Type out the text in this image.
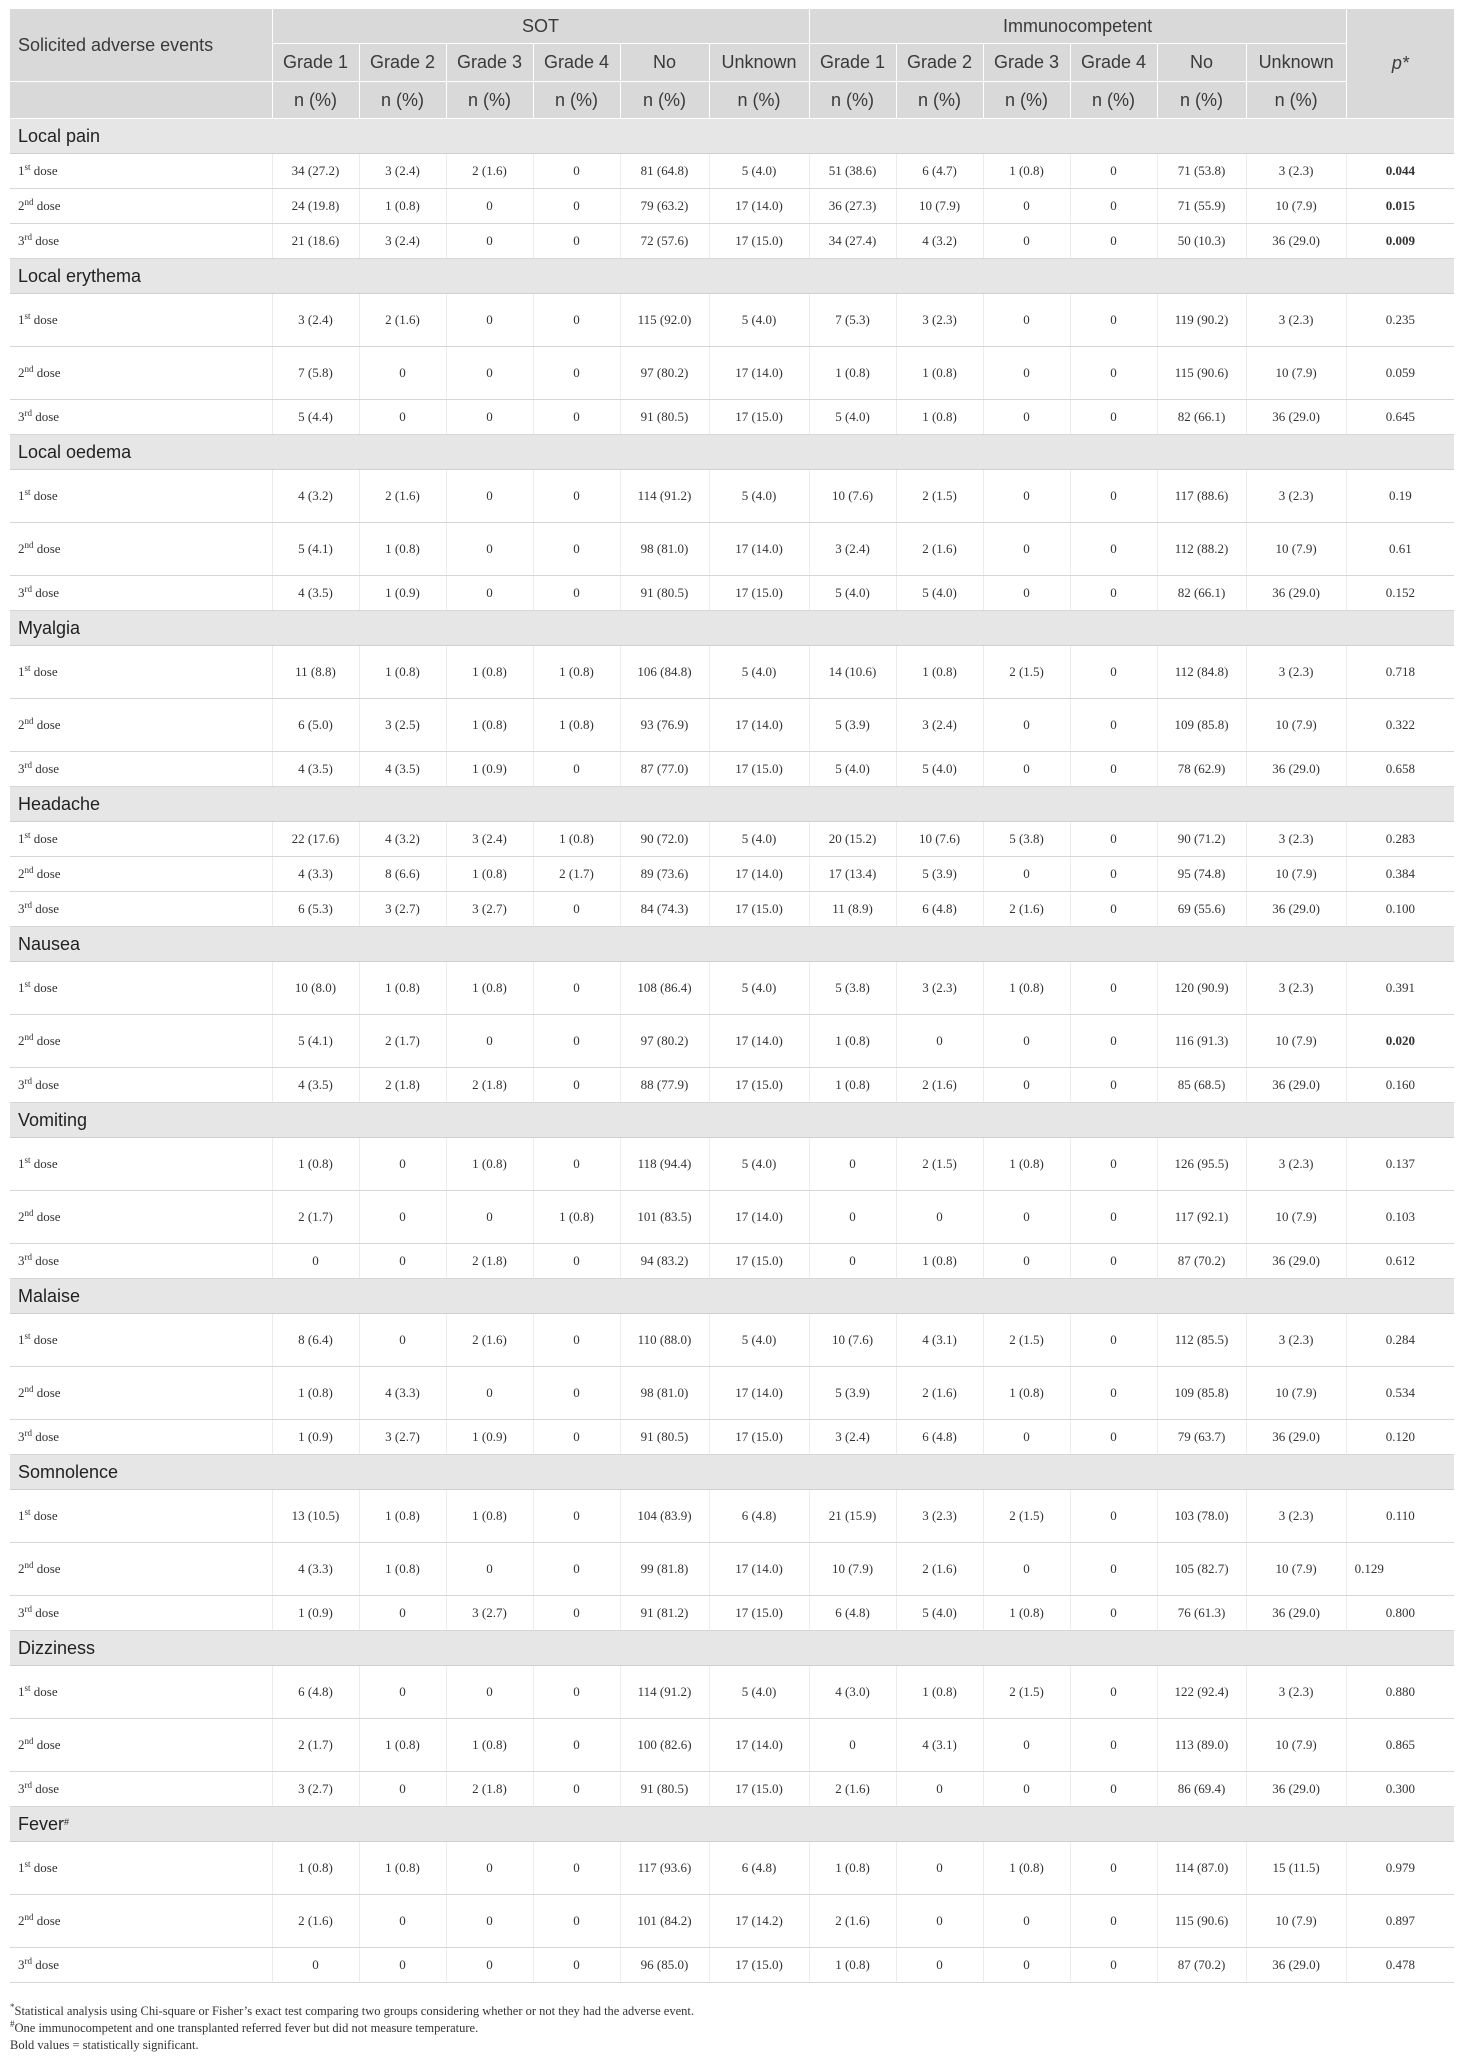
Solicited adverse events	SOT						Immunocompetent						p*
	Grade 1	Grade 2	Grade 3	Grade 4	No	Unknown	Grade 1	Grade 2	Grade 3	Grade 4	No	Unknown	
	n (%)	n (%)	n (%)	n (%)	n (%)	n (%)	n (%)	n (%)	n (%)	n (%)	n (%)	n (%)	
Local pain													
1st dose	34 (27.2)	3 (2.4)	2 (1.6)	0	81 (64.8)	5 (4.0)	51 (38.6)	6 (4.7)	1 (0.8)	0	71 (53.8)	3 (2.3)	0.044
2nd dose	24 (19.8)	1 (0.8)	0	0	79 (63.2)	17 (14.0)	36 (27.3)	10 (7.9)	0	0	71 (55.9)	10 (7.9)	0.015
3rd dose	21 (18.6)	3 (2.4)	0	0	72 (57.6)	17 (15.0)	34 (27.4)	4 (3.2)	0	0	50 (10.3)	36 (29.0)	0.009
Local erythema													
1st dose	3 (2.4)	2 (1.6)	0	0	115 (92.0)	5 (4.0)	7 (5.3)	3 (2.3)	0	0	119 (90.2)	3 (2.3)	0.235
2nd dose	7 (5.8)	0	0	0	97 (80.2)	17 (14.0)	1 (0.8)	1 (0.8)	0	0	115 (90.6)	10 (7.9)	0.059
3rd dose	5 (4.4)	0	0	0	91 (80.5)	17 (15.0)	5 (4.0)	1 (0.8)	0	0	82 (66.1)	36 (29.0)	0.645
Local oedema													
1st dose	4 (3.2)	2 (1.6)	0	0	114 (91.2)	5 (4.0)	10 (7.6)	2 (1.5)	0	0	117 (88.6)	3 (2.3)	0.19
2nd dose	5 (4.1)	1 (0.8)	0	0	98 (81.0)	17 (14.0)	3 (2.4)	2 (1.6)	0	0	112 (88.2)	10 (7.9)	0.61
3rd dose	4 (3.5)	1 (0.9)	0	0	91 (80.5)	17 (15.0)	5 (4.0)	5 (4.0)	0	0	82 (66.1)	36 (29.0)	0.152
Myalgia													
1st dose	11 (8.8)	1 (0.8)	1 (0.8)	1 (0.8)	106 (84.8)	5 (4.0)	14 (10.6)	1 (0.8)	2 (1.5)	0	112 (84.8)	3 (2.3)	0.718
2nd dose	6 (5.0)	3 (2.5)	1 (0.8)	1 (0.8)	93 (76.9)	17 (14.0)	5 (3.9)	3 (2.4)	0	0	109 (85.8)	10 (7.9)	0.322
3rd dose	4 (3.5)	4 (3.5)	1 (0.9)	0	87 (77.0)	17 (15.0)	5 (4.0)	5 (4.0)	0	0	78 (62.9)	36 (29.0)	0.658
Headache													
1st dose	22 (17.6)	4 (3.2)	3 (2.4)	1 (0.8)	90 (72.0)	5 (4.0)	20 (15.2)	10 (7.6)	5 (3.8)	0	90 (71.2)	3 (2.3)	0.283
2nd dose	4 (3.3)	8 (6.6)	1 (0.8)	2 (1.7)	89 (73.6)	17 (14.0)	17 (13.4)	5 (3.9)	0	0	95 (74.8)	10 (7.9)	0.384
3rd dose	6 (5.3)	3 (2.7)	3 (2.7)	0	84 (74.3)	17 (15.0)	11 (8.9)	6 (4.8)	2 (1.6)	0	69 (55.6)	36 (29.0)	0.100
Nausea													
1st dose	10 (8.0)	1 (0.8)	1 (0.8)	0	108 (86.4)	5 (4.0)	5 (3.8)	3 (2.3)	1 (0.8)	0	120 (90.9)	3 (2.3)	0.391
2nd dose	5 (4.1)	2 (1.7)	0	0	97 (80.2)	17 (14.0)	1 (0.8)	0	0	0	116 (91.3)	10 (7.9)	0.020
3rd dose	4 (3.5)	2 (1.8)	2 (1.8)	0	88 (77.9)	17 (15.0)	1 (0.8)	2 (1.6)	0	0	85 (68.5)	36 (29.0)	0.160
Vomiting													
1st dose	1 (0.8)	0	1 (0.8)	0	118 (94.4)	5 (4.0)	0	2 (1.5)	1 (0.8)	0	126 (95.5)	3 (2.3)	0.137
2nd dose	2 (1.7)	0	0	1 (0.8)	101 (83.5)	17 (14.0)	0	0	0	0	117 (92.1)	10 (7.9)	0.103
3rd dose	0	0	2 (1.8)	0	94 (83.2)	17 (15.0)	0	1 (0.8)	0	0	87 (70.2)	36 (29.0)	0.612
Malaise													
1st dose	8 (6.4)	0	2 (1.6)	0	110 (88.0)	5 (4.0)	10 (7.6)	4 (3.1)	2 (1.5)	0	112 (85.5)	3 (2.3)	0.284
2nd dose	1 (0.8)	4 (3.3)	0	0	98 (81.0)	17 (14.0)	5 (3.9)	2 (1.6)	1 (0.8)	0	109 (85.8)	10 (7.9)	0.534
3rd dose	1 (0.9)	3 (2.7)	1 (0.9)	0	91 (80.5)	17 (15.0)	3 (2.4)	6 (4.8)	0	0	79 (63.7)	36 (29.0)	0.120
Somnolence													
1st dose	13 (10.5)	1 (0.8)	1 (0.8)	0	104 (83.9)	6 (4.8)	21 (15.9)	3 (2.3)	2 (1.5)	0	103 (78.0)	3 (2.3)	0.110
2nd dose	4 (3.3)	1 (0.8)	0	0	99 (81.8)	17 (14.0)	10 (7.9)	2 (1.6)	0	0	105 (82.7)	10 (7.9)	0.129
3rd dose	1 (0.9)	0	3 (2.7)	0	91 (81.2)	17 (15.0)	6 (4.8)	5 (4.0)	1 (0.8)	0	76 (61.3)	36 (29.0)	0.800
Dizziness													
1st dose	6 (4.8)	0	0	0	114 (91.2)	5 (4.0)	4 (3.0)	1 (0.8)	2 (1.5)	0	122 (92.4)	3 (2.3)	0.880
2nd dose	2 (1.7)	1 (0.8)	1 (0.8)	0	100 (82.6)	17 (14.0)	0	4 (3.1)	0	0	113 (89.0)	10 (7.9)	0.865
3rd dose	3 (2.7)	0	2 (1.8)	0	91 (80.5)	17 (15.0)	2 (1.6)	0	0	0	86 (69.4)	36 (29.0)	0.300
Fever#
1st dose	1 (0.8)	1 (0.8)	0	0	117 (93.6)	6 (4.8)	1 (0.8)	0	1 (0.8)	0	114 (87.0)	15 (11.5)	0.979
2nd dose	2 (1.6)	0	0	0	101 (84.2)	17 (14.2)	2 (1.6)	0	0	0	115 (90.6)	10 (7.9)	0.897
3rd dose	0	0	0	0	96 (85.0)	17 (15.0)	1 (0.8)	0	0	0	87 (70.2)	36 (29.0)	0.478
*Statistical analysis using Chi-square or Fisher’s exact test comparing two groups considering whether or not they had the adverse event.
#One immunocompetent and one transplanted referred fever but did not measure temperature.
Bold values = statistically significant.
